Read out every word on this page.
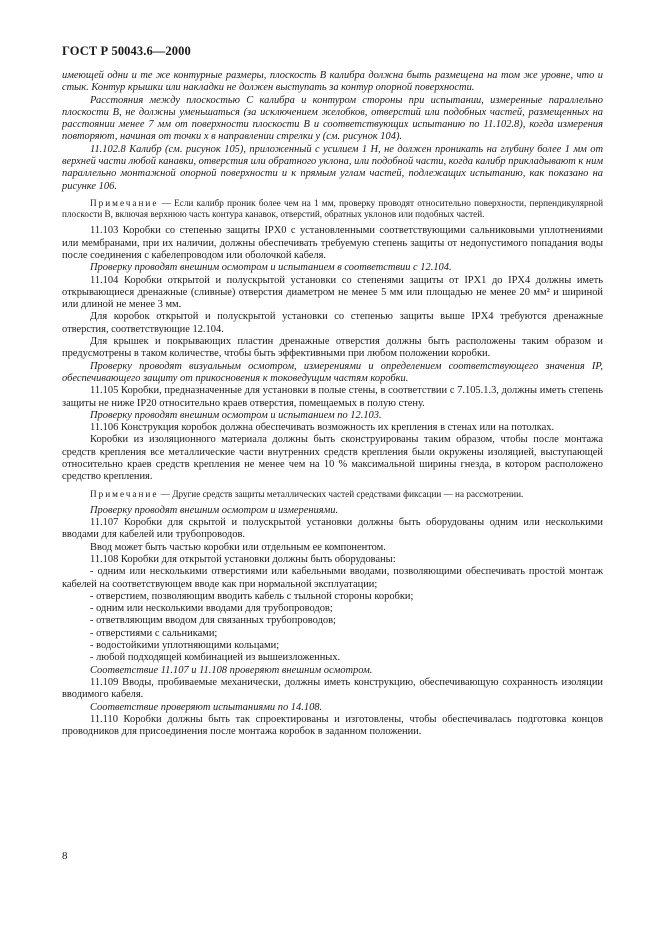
ГОСТ Р 50043.6—2000

имеющей одни и те же контурные размеры, плоскость В калибра должна быть размещена на том же уровне, что и стык. Контур крышки или накладки не должен выступать за контур опорной поверхности.

Расстояния между плоскостью С калибра и контуром стороны при испытании, измеренные параллельно плоскости В, не должны уменьшаться (за исключением желобков, отверстий или подобных частей, размещенных на расстоянии менее 7 мм от поверхности плоскости В и соответствующих испытанию по 11.102.8), когда измерения повторяют, начиная от точки х в направлении стрелки у (см. рисунок 104).

11.102.8 Калибр (см. рисунок 105), приложенный с усилием 1 Н, не должен проникать на глубину более 1 мм от верхней части любой канавки, отверстия или обратного уклона, или подобной части, когда калибр прикладывают к ним параллельно монтажной опорной поверхности и к прямым углам частей, подлежащих испытанию, как показано на рисунке 106.

Примечание — Если калибр проник более чем на 1 мм, проверку проводят относительно поверхности, перпендикулярной плоскости В, включая верхнюю часть контура канавок, отверстий, обратных уклонов или подобных частей.

11.103 Коробки со степенью защиты IPX0 с установленными соответствующими сальниковыми уплотнениями или мембранами, при их наличии, должны обеспечивать требуемую степень защиты от недопустимого попадания воды после соединения с кабелепроводом или оболочкой кабеля.

Проверку проводят внешним осмотром и испытанием в соответствии с 12.104.

11.104 Коробки открытой и полускрытой установки со степенями защиты от IPX1 до IPX4 должны иметь открывающиеся дренажные (сливные) отверстия диаметром не менее 5 мм или площадью не менее 20 мм² и шириной или длиной не менее 3 мм.

Для коробок открытой и полускрытой установки со степенью защиты выше IPX4 требуются дренажные отверстия, соответствующие 12.104.

Для крышек и покрывающих пластин дренажные отверстия должны быть расположены таким образом и предусмотрены в таком количестве, чтобы быть эффективными при любом положении коробки.

Проверку проводят визуальным осмотром, измерениями и определением соответствующего значения IP, обеспечивающего защиту от прикосновения к токоведущим частям коробки.

11.105 Коробки, предназначенные для установки в полые стены, в соответствии с 7.105.1.3, должны иметь степень защиты не ниже IP20 относительно краев отверстия, помещаемых в полую стену.

Проверку проводят внешним осмотром и испытанием по 12.103.

11.106 Конструкция коробок должна обеспечивать возможность их крепления в стенах или на потолках.

Коробки из изоляционного материала должны быть сконструированы таким образом, чтобы после монтажа средств крепления все металлические части внутренних средств крепления были окружены изоляцией, выступающей относительно краев средств крепления не менее чем на 10 % максимальной ширины гнезда, в котором расположено средство крепления.

Примечание — Другие средств защиты металлических частей средствами фиксации — на рассмотрении.

Проверку проводят внешним осмотром и измерениями.

11.107 Коробки для скрытой и полускрытой установки должны быть оборудованы одним или несколькими вводами для кабелей или трубопроводов.

Ввод может быть частью коробки или отдельным ее компонентом.

11.108 Коробки для открытой установки должны быть оборудованы:

- одним или несколькими отверстиями или кабельными вводами, позволяющими обеспечивать простой монтаж кабелей на соответствующем вводе как при нормальной эксплуатации;

- отверстием, позволяющим вводить кабель с тыльной стороны коробки;

- одним или несколькими вводами для трубопроводов;

- ответвляющим вводом для связанных трубопроводов;

- отверстиями с сальниками;

- водостойкими уплотняющими кольцами;

- любой подходящей комбинацией из вышеизложенных.

Соответствие 11.107 и 11.108 проверяют внешним осмотром.

11.109 Вводы, пробиваемые механически, должны иметь конструкцию, обеспечивающую сохранность изоляции вводимого кабеля.

Соответствие проверяют испытаниями по 14.108.

11.110 Коробки должны быть так спроектированы и изготовлены, чтобы обеспечивалась подготовка концов проводников для присоединения после монтажа коробок в заданном положении.

8
